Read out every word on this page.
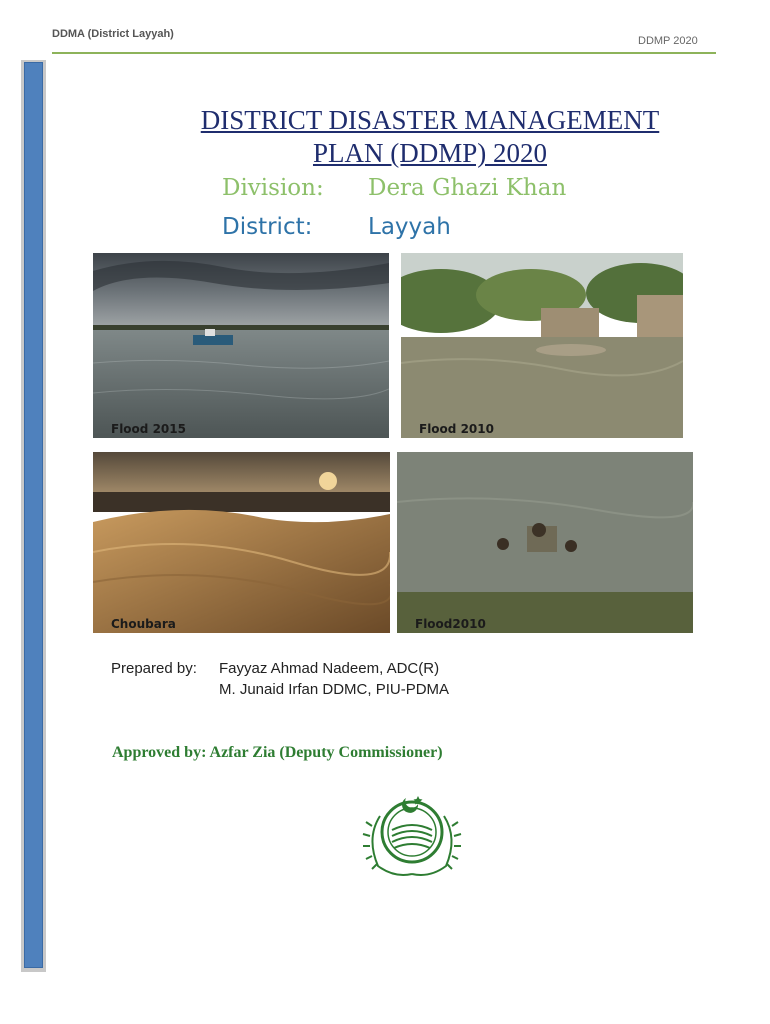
DDMA (District Layyah)
DDMP 2020
DISTRICT DISASTER MANAGEMENT
PLAN (DDMP) 2020
Division: Dera Ghazi Khan
District: Layyah
Flood 2015	Flood 2010
Choubara	Flood2010
Prepared by: Fayyaz Ahmad Nadeem, ADC(R)
M. Junaid Irfan DDMC, PIU-PDMA
Approved by: Azfar Zia (Deputy Commissioner)
